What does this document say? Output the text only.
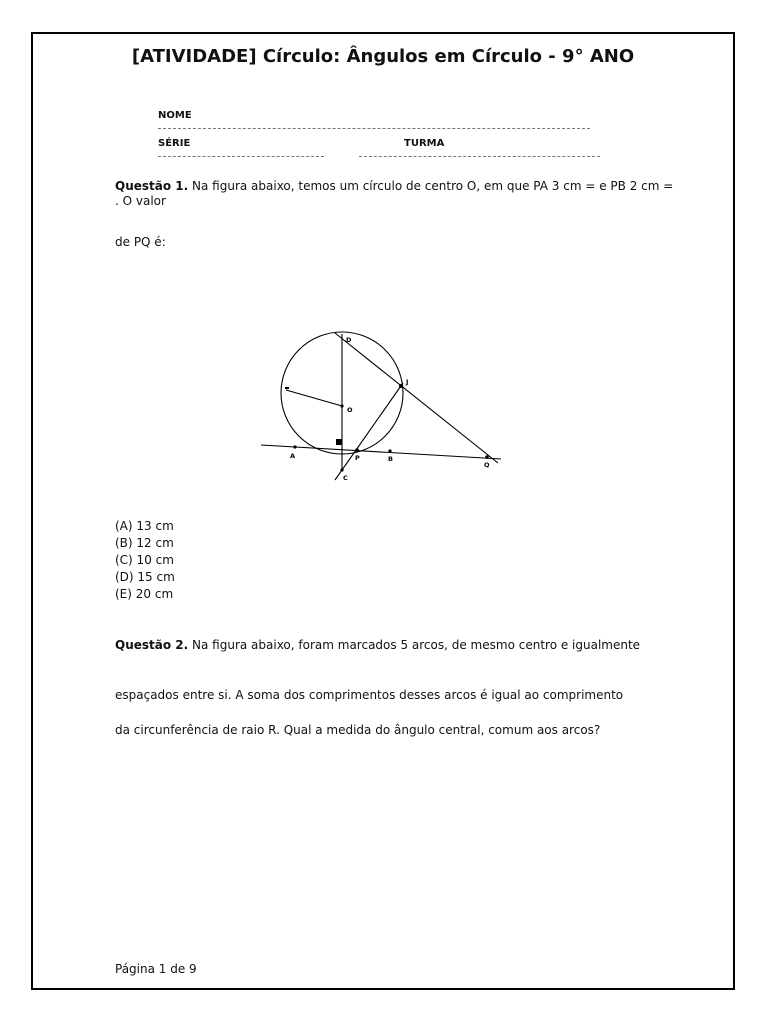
[ATIVIDADE] Círculo: Ângulos em Círculo - 9° ANO
NOME
SÉRIE	TURMA
Questão 1. Na figura abaixo, temos um círculo de centro O, em que PA 3 cm = e PB 2 cm = . O valor
de PQ é:
D
J
O
A	P	B
Q
C
(A) 13 cm
(B) 12 cm
(C) 10 cm
(D) 15 cm
(E) 20 cm
Questão 2. Na figura abaixo, foram marcados 5 arcos, de mesmo centro e igualmente
espaçados entre si. A soma dos comprimentos desses arcos é igual ao comprimento
da circunferência de raio R. Qual a medida do ângulo central, comum aos arcos?
Página 1 de 9
